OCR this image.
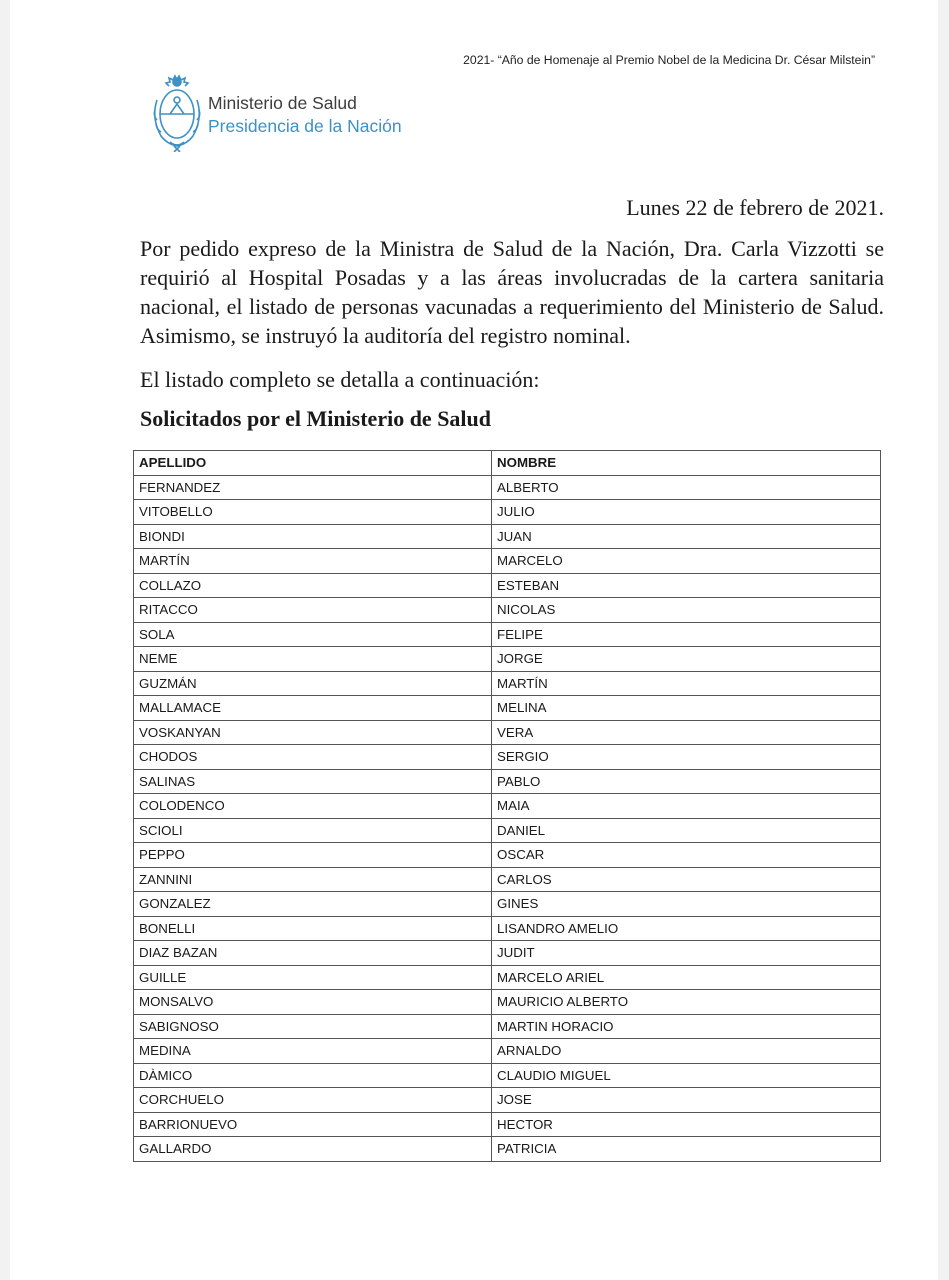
2021- “Año de Homenaje al Premio Nobel de la Medicina Dr. César Milstein”
Ministerio de Salud
Presidencia de la Nación
Lunes 22 de febrero de 2021.

Por pedido expreso de la Ministra de Salud de la Nación, Dra. Carla Vizzotti se requirió al Hospital Posadas y a las áreas involucradas de la cartera sanitaria nacional, el listado de personas vacunadas a requerimiento del Ministerio de Salud. Asimismo, se instruyó la auditoría del registro nominal.

El listado completo se detalla a continuación:

Solicitados por el Ministerio de Salud

APELLIDO	NOMBRE
FERNANDEZ	ALBERTO
VITOBELLO	JULIO
BIONDI	JUAN
MARTÍN	MARCELO
COLLAZO	ESTEBAN
RITACCO	NICOLAS
SOLA	FELIPE
NEME	JORGE
GUZMÁN	MARTÍN
MALLAMACE	MELINA
VOSKANYAN	VERA
CHODOS	SERGIO
SALINAS	PABLO
COLODENCO	MAIA
SCIOLI	DANIEL
PEPPO	OSCAR
ZANNINI	CARLOS
GONZALEZ	GINES
BONELLI	LISANDRO AMELIO
DIAZ BAZAN	JUDIT
GUILLE	MARCELO ARIEL
MONSALVO	MAURICIO ALBERTO
SABIGNOSO	MARTIN HORACIO
MEDINA	ARNALDO
DÀMICO	CLAUDIO MIGUEL
CORCHUELO	JOSE
BARRIONUEVO	HECTOR
GALLARDO	PATRICIA
